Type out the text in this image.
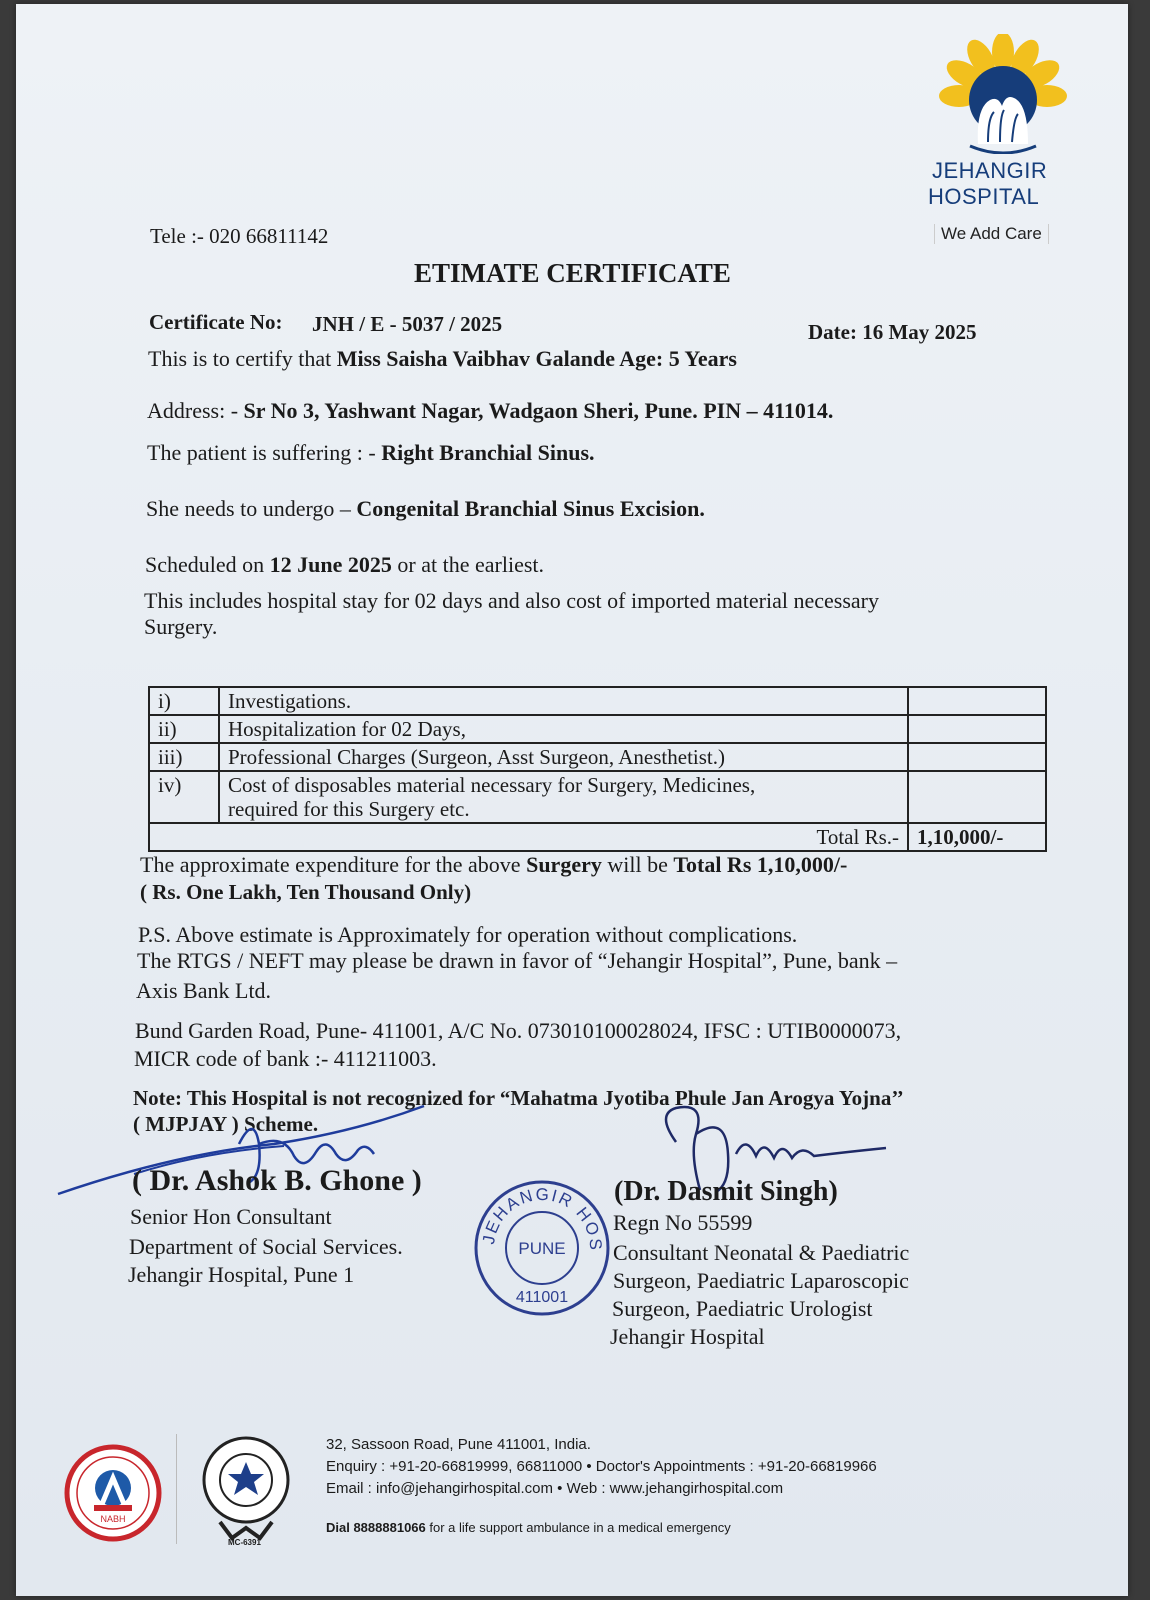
JEHANGIR
HOSPITAL
We Add Care
Tele :- 020 66811142
ETIMATE CERTIFICATE
Certificate No: JNH / E - 5037 / 2025	Date: 16 May 2025
This is to certify that Miss Saisha Vaibhav Galande Age: 5 Years
Address: - Sr No 3, Yashwant Nagar, Wadgaon Sheri, Pune. PIN – 411014.
The patient is suffering : - Right Branchial Sinus.
She needs to undergo – Congenital Branchial Sinus Excision.
Scheduled on 12 June 2025 or at the earliest.
This includes hospital stay for 02 days and also cost of imported material necessary
Surgery.
i)	Investigations.	
ii)	Hospitalization for 02 Days,	
iii)	Professional Charges (Surgeon, Asst Surgeon, Anesthetist.)	
iv)	Cost of disposables material necessary for Surgery, Medicines,
required for this Surgery etc.	

Total Rs.-		1,10,000/-
The approximate expenditure for the above Surgery will be Total Rs 1,10,000/-
( Rs. One Lakh, Ten Thousand Only)
P.S. Above estimate is Approximately for operation without complications.
The RTGS / NEFT may please be drawn in favor of “Jehangir Hospital”, Pune, bank –
Axis Bank Ltd.
Bund Garden Road, Pune- 411001, A/C No. 073010100028024, IFSC : UTIB0000073,
MICR code of bank :- 411211003.
Note: This Hospital is not recognized for “Mahatma Jyotiba Phule Jan Arogya Yojna’’
( MJPJAY ) Scheme.
( Dr. Ashok B. Ghone )
Senior Hon Consultant
Department of Social Services.
Jehangir Hospital, Pune 1
JEHANGIR HOS
PUNE
411001
(Dr. Dasmit Singh)
Regn No 55599
Consultant Neonatal & Paediatric
Surgeon, Paediatric Laparoscopic
Surgeon, Paediatric Urologist
Jehangir Hospital
NABH
MC-6391
32, Sassoon Road, Pune 411001, India.
Enquiry : +91-20-66819999, 66811000 • Doctor's Appointments : +91-20-66819966
Email : info@jehangirhospital.com • Web : www.jehangirhospital.com
Dial 8888881066 for a life support ambulance in a medical emergency
